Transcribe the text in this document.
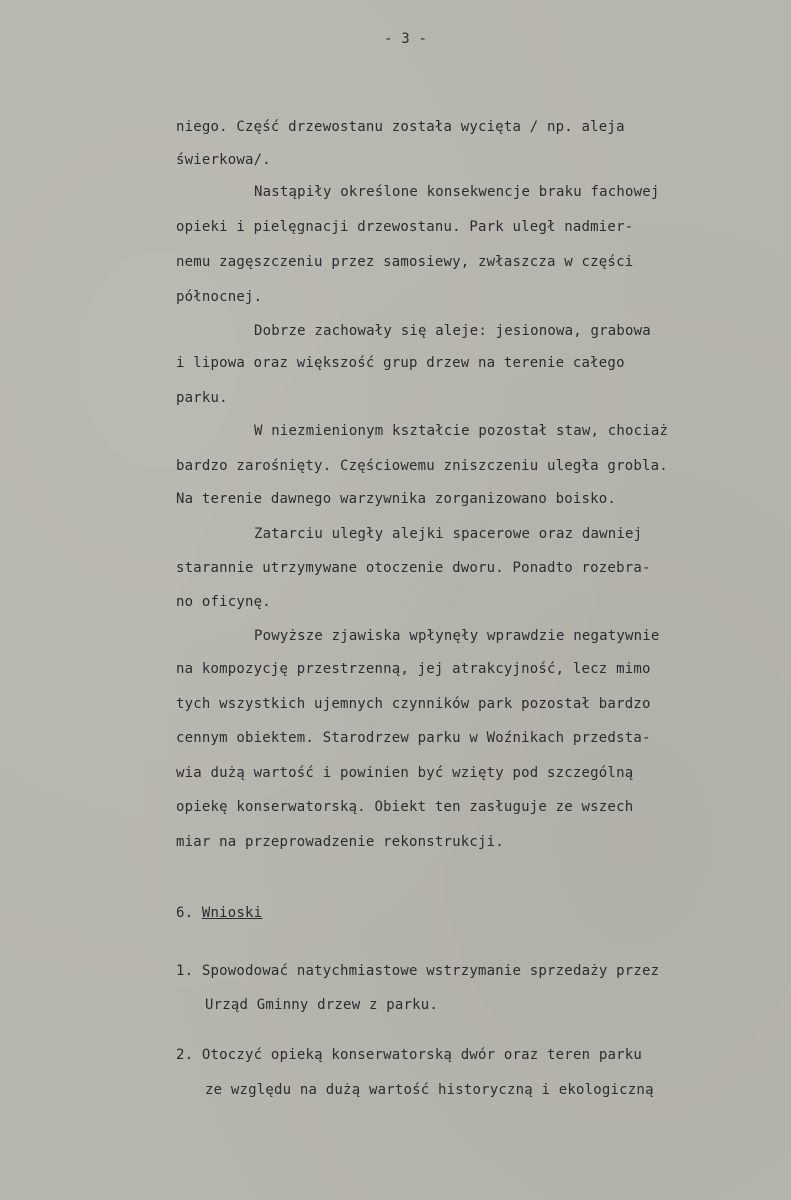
- 3 -
niego. Część drzewostanu została wycięta / np. aleja
świerkowa/.
Nastąpiły określone konsekwencje braku fachowej
opieki i pielęgnacji drzewostanu. Park uległ nadmier-
nemu zagęszczeniu przez samosiewy, zwłaszcza w części
północnej.
Dobrze zachowały się aleje: jesionowa, grabowa
i lipowa oraz większość grup drzew na terenie całego
parku.
W niezmienionym kształcie pozostał staw, chociaż
bardzo zarośnięty. Częściowemu zniszczeniu uległa grobla.
Na terenie dawnego warzywnika zorganizowano boisko.
Zatarciu uległy alejki spacerowe oraz dawniej
starannie utrzymywane otoczenie dworu. Ponadto rozebra-
no oficynę.
Powyższe zjawiska wpłynęły wprawdzie negatywnie
na kompozycję przestrzenną, jej atrakcyjność, lecz mimo
tych wszystkich ujemnych czynników park pozostał bardzo
cennym obiektem. Starodrzew parku w Woźnikach przedsta-
wia dużą wartość i powinien być wzięty pod szczególną
opiekę konserwatorską. Obiekt ten zasługuje ze wszech
miar na przeprowadzenie rekonstrukcji.
6. Wnioski
1. Spowodować natychmiastowe wstrzymanie sprzedaży przez
Urząd Gminny drzew z parku.
2. Otoczyć opieką konserwatorską dwór oraz teren parku
ze względu na dużą wartość historyczną i ekologiczną
